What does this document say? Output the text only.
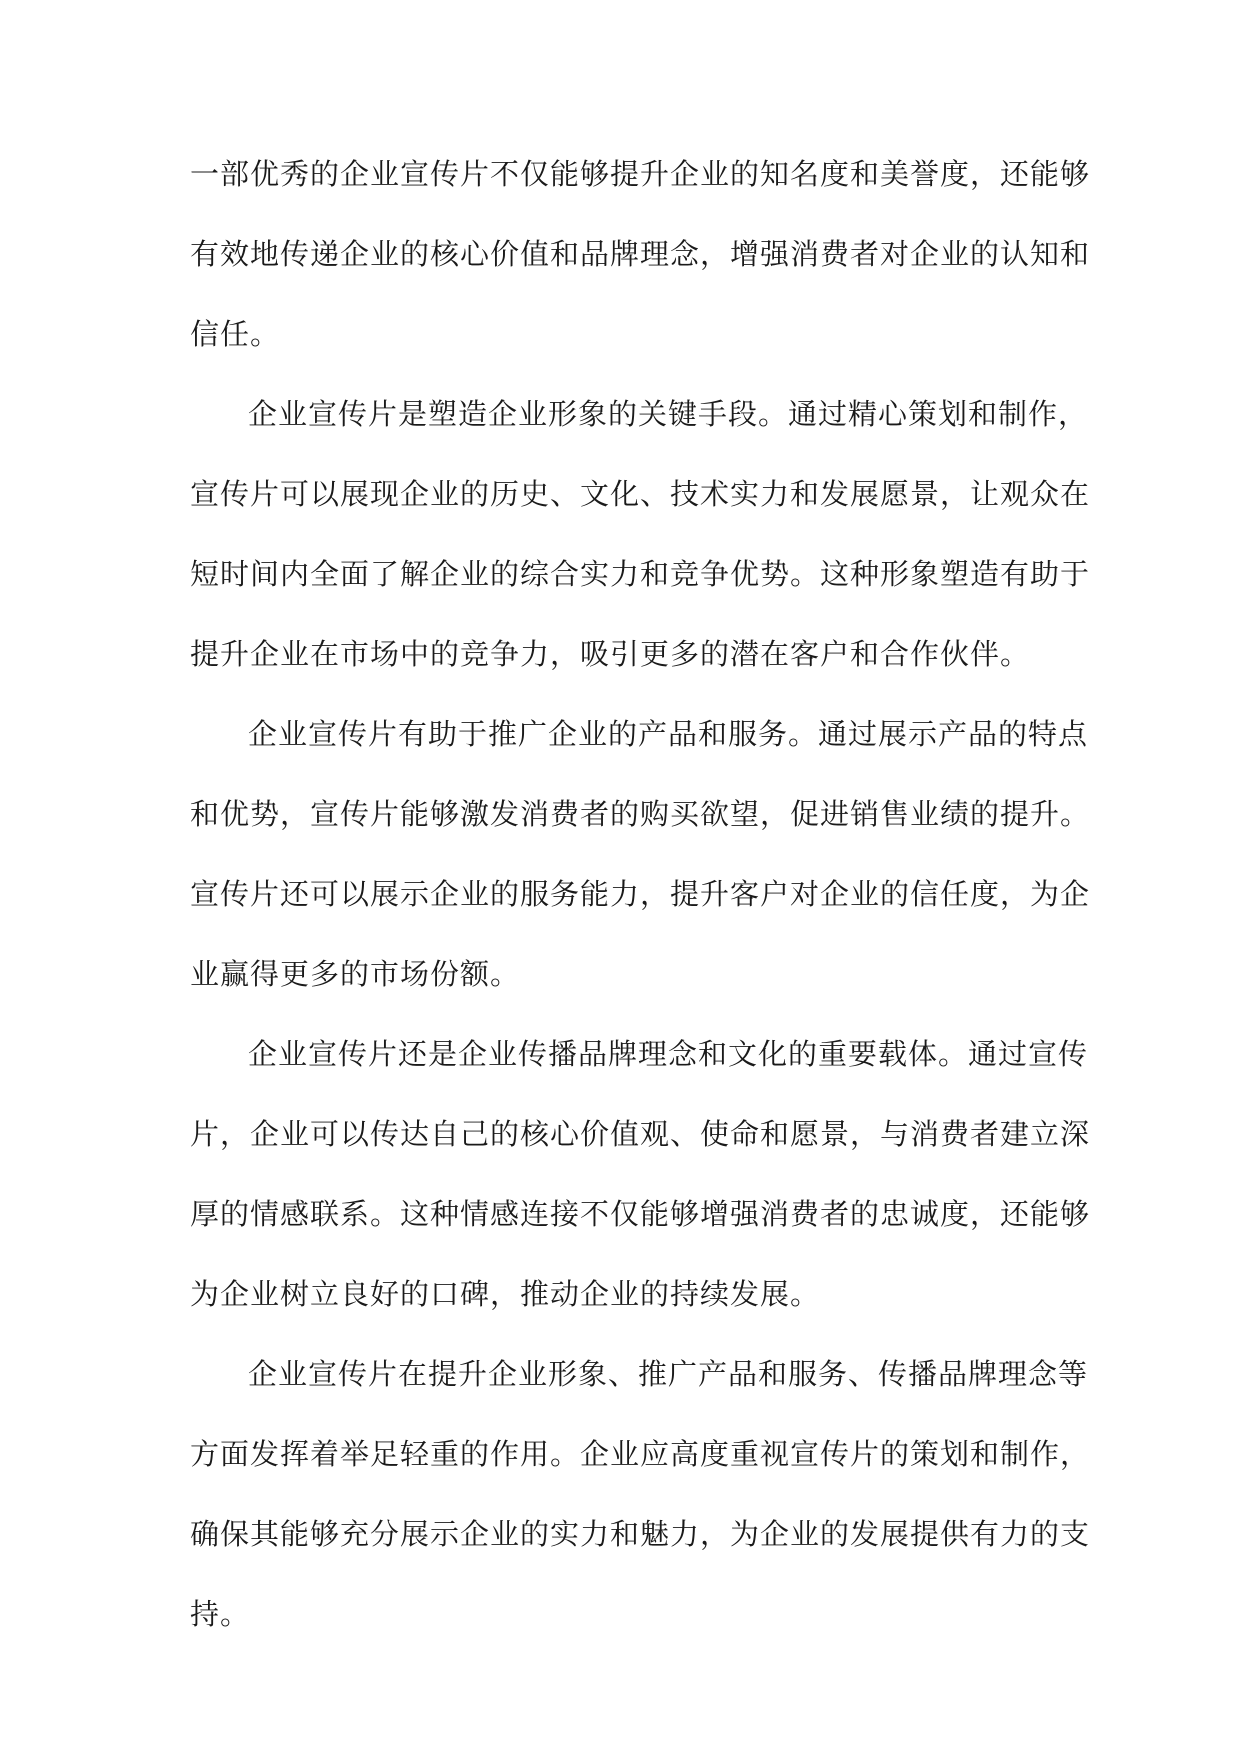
一部优秀的企业宣传片不仅能够提升企业的知名度和美誉度，还能够
有效地传递企业的核心价值和品牌理念，增强消费者对企业的认知和
信任。
企业宣传片是塑造企业形象的关键手段。通过精心策划和制作，
宣传片可以展现企业的历史、文化、技术实力和发展愿景，让观众在
短时间内全面了解企业的综合实力和竞争优势。这种形象塑造有助于
提升企业在市场中的竞争力，吸引更多的潜在客户和合作伙伴。
企业宣传片有助于推广企业的产品和服务。通过展示产品的特点
和优势，宣传片能够激发消费者的购买欲望，促进销售业绩的提升。
宣传片还可以展示企业的服务能力，提升客户对企业的信任度，为企
业赢得更多的市场份额。
企业宣传片还是企业传播品牌理念和文化的重要载体。通过宣传
片，企业可以传达自己的核心价值观、使命和愿景，与消费者建立深
厚的情感联系。这种情感连接不仅能够增强消费者的忠诚度，还能够
为企业树立良好的口碑，推动企业的持续发展。
企业宣传片在提升企业形象、推广产品和服务、传播品牌理念等
方面发挥着举足轻重的作用。企业应高度重视宣传片的策划和制作，
确保其能够充分展示企业的实力和魅力，为企业的发展提供有力的支
持。
